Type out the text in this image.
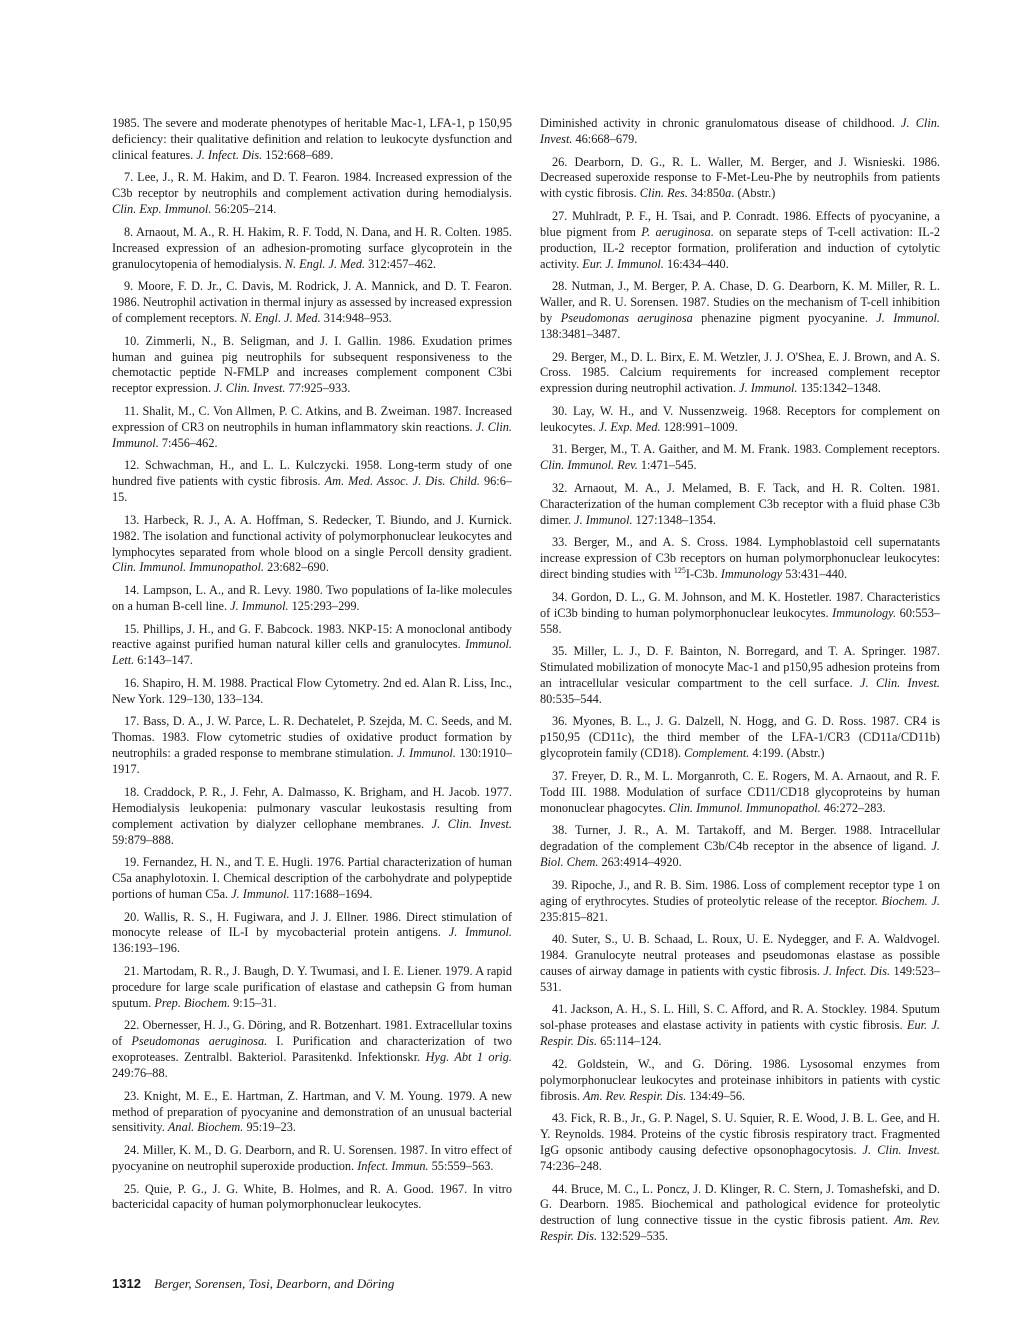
1985. The severe and moderate phenotypes of heritable Mac-1, LFA-1, p 150,95 deficiency: their qualitative definition and relation to leukocyte dysfunction and clinical features. J. Infect. Dis. 152:668–689.

7. Lee, J., R. M. Hakim, and D. T. Fearon. 1984. Increased expression of the C3b receptor by neutrophils and complement activation during hemodialysis. Clin. Exp. Immunol. 56:205–214.

8. Arnaout, M. A., R. H. Hakim, R. F. Todd, N. Dana, and H. R. Colten. 1985. Increased expression of an adhesion-promoting surface glycoprotein in the granulocytopenia of hemodialysis. N. Engl. J. Med. 312:457–462.

9. Moore, F. D. Jr., C. Davis, M. Rodrick, J. A. Mannick, and D. T. Fearon. 1986. Neutrophil activation in thermal injury as assessed by increased expression of complement receptors. N. Engl. J. Med. 314:948–953.

10. Zimmerli, N., B. Seligman, and J. I. Gallin. 1986. Exudation primes human and guinea pig neutrophils for subsequent responsiveness to the chemotactic peptide N-FMLP and increases complement component C3bi receptor expression. J. Clin. Invest. 77:925–933.

11. Shalit, M., C. Von Allmen, P. C. Atkins, and B. Zweiman. 1987. Increased expression of CR3 on neutrophils in human inflammatory skin reactions. J. Clin. Immunol. 7:456–462.

12. Schwachman, H., and L. L. Kulczycki. 1958. Long-term study of one hundred five patients with cystic fibrosis. Am. Med. Assoc. J. Dis. Child. 96:6–15.

13. Harbeck, R. J., A. A. Hoffman, S. Redecker, T. Biundo, and J. Kurnick. 1982. The isolation and functional activity of polymorphonuclear leukocytes and lymphocytes separated from whole blood on a single Percoll density gradient. Clin. Immunol. Immunopathol. 23:682–690.

14. Lampson, L. A., and R. Levy. 1980. Two populations of Ia-like molecules on a human B-cell line. J. Immunol. 125:293–299.

15. Phillips, J. H., and G. F. Babcock. 1983. NKP-15: A monoclonal antibody reactive against purified human natural killer cells and granulocytes. Immunol. Lett. 6:143–147.

16. Shapiro, H. M. 1988. Practical Flow Cytometry. 2nd ed. Alan R. Liss, Inc., New York. 129–130, 133–134.

17. Bass, D. A., J. W. Parce, L. R. Dechatelet, P. Szejda, M. C. Seeds, and M. Thomas. 1983. Flow cytometric studies of oxidative product formation by neutrophils: a graded response to membrane stimulation. J. Immunol. 130:1910–1917.

18. Craddock, P. R., J. Fehr, A. Dalmasso, K. Brigham, and H. Jacob. 1977. Hemodialysis leukopenia: pulmonary vascular leukostasis resulting from complement activation by dialyzer cellophane membranes. J. Clin. Invest. 59:879–888.

19. Fernandez, H. N., and T. E. Hugli. 1976. Partial characterization of human C5a anaphylotoxin. I. Chemical description of the carbohydrate and polypeptide portions of human C5a. J. Immunol. 117:1688–1694.

20. Wallis, R. S., H. Fugiwara, and J. J. Ellner. 1986. Direct stimulation of monocyte release of IL-I by mycobacterial protein antigens. J. Immunol. 136:193–196.

21. Martodam, R. R., J. Baugh, D. Y. Twumasi, and I. E. Liener. 1979. A rapid procedure for large scale purification of elastase and cathepsin G from human sputum. Prep. Biochem. 9:15–31.

22. Obernesser, H. J., G. Döring, and R. Botzenhart. 1981. Extracellular toxins of Pseudomonas aeruginosa. I. Purification and characterization of two exoproteases. Zentralbl. Bakteriol. Parasitenkd. Infektionskr. Hyg. Abt 1 orig. 249:76–88.

23. Knight, M. E., E. Hartman, Z. Hartman, and V. M. Young. 1979. A new method of preparation of pyocyanine and demonstration of an unusual bacterial sensitivity. Anal. Biochem. 95:19–23.

24. Miller, K. M., D. G. Dearborn, and R. U. Sorensen. 1987. In vitro effect of pyocyanine on neutrophil superoxide production. Infect. Immun. 55:559–563.

25. Quie, P. G., J. G. White, B. Holmes, and R. A. Good. 1967. In vitro bactericidal capacity of human polymorphonuclear leukocytes.

Diminished activity in chronic granulomatous disease of childhood. J. Clin. Invest. 46:668–679.

26. Dearborn, D. G., R. L. Waller, M. Berger, and J. Wisnieski. 1986. Decreased superoxide response to F-Met-Leu-Phe by neutrophils from patients with cystic fibrosis. Clin. Res. 34:850a. (Abstr.)

27. Muhlradt, P. F., H. Tsai, and P. Conradt. 1986. Effects of pyocyanine, a blue pigment from P. aeruginosa. on separate steps of T-cell activation: IL-2 production, IL-2 receptor formation, proliferation and induction of cytolytic activity. Eur. J. Immunol. 16:434–440.

28. Nutman, J., M. Berger, P. A. Chase, D. G. Dearborn, K. M. Miller, R. L. Waller, and R. U. Sorensen. 1987. Studies on the mechanism of T-cell inhibition by Pseudomonas aeruginosa phenazine pigment pyocyanine. J. Immunol. 138:3481–3487.

29. Berger, M., D. L. Birx, E. M. Wetzler, J. J. O'Shea, E. J. Brown, and A. S. Cross. 1985. Calcium requirements for increased complement receptor expression during neutrophil activation. J. Immunol. 135:1342–1348.

30. Lay, W. H., and V. Nussenzweig. 1968. Receptors for complement on leukocytes. J. Exp. Med. 128:991–1009.

31. Berger, M., T. A. Gaither, and M. M. Frank. 1983. Complement receptors. Clin. Immunol. Rev. 1:471–545.

32. Arnaout, M. A., J. Melamed, B. F. Tack, and H. R. Colten. 1981. Characterization of the human complement C3b receptor with a fluid phase C3b dimer. J. Immunol. 127:1348–1354.

33. Berger, M., and A. S. Cross. 1984. Lymphoblastoid cell supernatants increase expression of C3b receptors on human polymorphonuclear leukocytes: direct binding studies with $^{125}$I-C3b. Immunology 53:431–440.

34. Gordon, D. L., G. M. Johnson, and M. K. Hostetler. 1987. Characteristics of iC3b binding to human polymorphonuclear leukocytes. Immunology. 60:553–558.

35. Miller, L. J., D. F. Bainton, N. Borregard, and T. A. Springer. 1987. Stimulated mobilization of monocyte Mac-1 and p150,95 adhesion proteins from an intracellular vesicular compartment to the cell surface. J. Clin. Invest. 80:535–544.

36. Myones, B. L., J. G. Dalzell, N. Hogg, and G. D. Ross. 1987. CR4 is p150,95 (CD11c), the third member of the LFA-1/CR3 (CD11a/CD11b) glycoprotein family (CD18). Complement. 4:199. (Abstr.)

37. Freyer, D. R., M. L. Morganroth, C. E. Rogers, M. A. Arnaout, and R. F. Todd III. 1988. Modulation of surface CD11/CD18 glycoproteins by human mononuclear phagocytes. Clin. Immunol. Immunopathol. 46:272–283.

38. Turner, J. R., A. M. Tartakoff, and M. Berger. 1988. Intracellular degradation of the complement C3b/C4b receptor in the absence of ligand. J. Biol. Chem. 263:4914–4920.

39. Ripoche, J., and R. B. Sim. 1986. Loss of complement receptor type 1 on aging of erythrocytes. Studies of proteolytic release of the receptor. Biochem. J. 235:815–821.

40. Suter, S., U. B. Schaad, L. Roux, U. E. Nydegger, and F. A. Waldvogel. 1984. Granulocyte neutral proteases and pseudomonas elastase as possible causes of airway damage in patients with cystic fibrosis. J. Infect. Dis. 149:523–531.

41. Jackson, A. H., S. L. Hill, S. C. Afford, and R. A. Stockley. 1984. Sputum sol-phase proteases and elastase activity in patients with cystic fibrosis. Eur. J. Respir. Dis. 65:114–124.

42. Goldstein, W., and G. Döring. 1986. Lysosomal enzymes from polymorphonuclear leukocytes and proteinase inhibitors in patients with cystic fibrosis. Am. Rev. Respir. Dis. 134:49–56.

43. Fick, R. B., Jr., G. P. Nagel, S. U. Squier, R. E. Wood, J. B. L. Gee, and H. Y. Reynolds. 1984. Proteins of the cystic fibrosis respiratory tract. Fragmented IgG opsonic antibody causing defective opsonophagocytosis. J. Clin. Invest. 74:236–248.

44. Bruce, M. C., L. Poncz, J. D. Klinger, R. C. Stern, J. Tomashefski, and D. G. Dearborn. 1985. Biochemical and pathological evidence for proteolytic destruction of lung connective tissue in the cystic fibrosis patient. Am. Rev. Respir. Dis. 132:529–535.

1312 Berger, Sorensen, Tosi, Dearborn, and Döring
